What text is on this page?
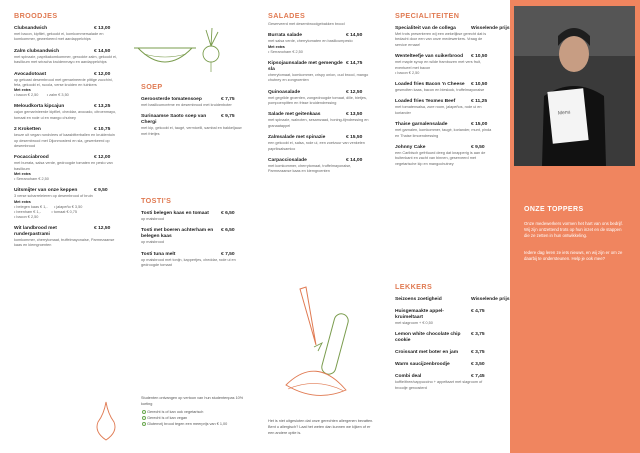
BROODJES
Clubsandwich	€ 13,00
met bacon, kipfilet, gekookt ei, komkommersalade en komkommer, gewerkeerd met aardappelchips
Zalm clubsandwich	€ 14,50
met spinazie, paprikakomkommer, gerookte zalm, gekookt ei, basilicum met sriracha kruidenmayo en aardappelchips
Avocadotoast	€ 12,00
op getoast desembrood met gemarineerde pittige zucchini, feta, gekookt ei, rucola, verse kruiden en tuinkers
Met extra
• bacon € 2,50        • zalm € 3,50
Meloudkorta kipcajun	€ 13,25
cajun gemarinieerde kipfilet, cheddar, avocado, citroenmayo, tomaat en rode ui en mango chutney
2 Kroketten	€ 10,75
keuze uit vegan rundvlees of kaasbitterballen en kruidentuin op desembrood met Dijonmosterd en sla, gewerkeerd op desembrood
Focacciabrood	€ 12,00
met burrata, salsa verde, gedroogde tomaten en pesto van basilicum
Met extra
• Serranoham € 2,50
Uitsmijter van onze keppen	€ 9,50
3 verse scharreleieren op desembrood of bruin
Met extra
• belegen kaas € 1,-      • jalapeño € 3,50
• beenham € 1,-          • tomaat € 0,75
• bacon € 2,50
Wit landbrood met runderpastrami
€ 12,50
komkommer, cherrytomaat, truffelmayonaise, Parmezaanse kaas en kiemgroenten
SOEP
Geroosterde tomatensoep	€ 7,75
met basilicumcrème en desembrood met kruidenboter
Surinaamse Saoto soep van Chergi
€ 9,75
met kip, gekookt ei, taugé, vermicelli, sambal en bakkeljauw met frietjes
TOSTI'S
Tosti belegen kaas en tomaat	€ 6,50
op maisbrood
Tosti met boeren achterham en belegen kaas
€ 6,50
op maisbrood
Tosti tuna melt	€ 7,50
op maisbrood met tonijn, kappertjes, cheddar, rode ui en gedroogde tomaat
Studenten ontvangen op vertoon van hun studentenpas 10% korting
Gerecht is of kan ook vegetarisch
Gerecht is of kan vegan
Glutenvrij brood tegen een meerprijs van € 1,00
SALADES
Geserveerd met desembroodgebakken brood
Burrata salade	€ 14,50
met salsa verde, cherrytomaten en basilicumpesto
Met extra
• Serranoham € 2,50
Kipsojaunsalade met gemengde sla
€ 14,75
cherrytomaat, komkommer, crispy onion, oud brood, mango chutney en zongroenten
Quinoasalade	€ 12,50
met gegrilde groenten, zongedroogde tomaat, dille, bietjes, pompoenpitten en frisse kruidendressing
Salade met geitenkaas	€ 13,50
met spinazie, walnoten, sesamzaad, honing-tijmdressing en granaatappel
Zalmsalade met spinazie	€ 15,50
een gekookt ei, salsa, rode ui, een zoetzuur van venkelen papriksalsamico
Carpacciosalade	€ 14,00
met komkommer, cherrytomaat, truffelmayonaise, Parmezaanse kaas en kiemgroenten
Het is niet uitgesloten dat onze gerechten allergenen bevatten. Bent u allergisch? Laat het weten dan kunnen we kijken of er een andere optie is.
SPECIALITEITEN
Specialiteit van de collega	Wisselende prijs
Met trots presenteren wij een wekelijkse gerecht dat is bedacht door een van onze medewerkers. Vraag de service ernaar!
Wentelteefje van suikerbrood	€ 10,50
met maple syrup en wilde frambozen met vers fruit, eventueel met bacon
• bacon € 2,50
Loaded fries Bacon 'n Cheese	€ 10,50
gesmolten kaas, bacon en bieslook, truffelmayonaise
Loaded fries Texmex Beef	€ 11,25
met tomatensalsa, zure room, jalapeños, rode ui en koriander
Thaise garnalensalade	€ 15,00
met garnalen, komkommer, taugé, koriander, munt, pinda en Thaise limoendressing
Johnny Cake	€ 9,50
een Caribisch gefrituurd deeg dat knapperig is aan de buitenkant en zacht van binnen, geserveerd met vegetarische kip en mangochutney
LEKKERS
Seizoens zoetigheid	Wisselende prijs
Huisgemaakte appel-kruimeltaart
€ 4,75
met slagroom + € 0,50
Lemon white chocolate chip cookie
€ 3,75
Croissant met boter en jam	€ 3,75
Warm saucijzenbroodje	€ 3,50
Combi deal	€ 7,45
koffie/thee/cappuccino + appeltaart met slagroom of broodje geroosterd
Menu
ONZE TOPPERS
Onze medewerkers vormen het hart van ons bedrijf. Wij zijn ontzettend trots op hun inzet en de stappen die ze zetten in hun ontwikkeling.
Iedere dag leren ze iets nieuws, en wij zijn er om ze daarbij te ondersteunen. Help je ook mee?
